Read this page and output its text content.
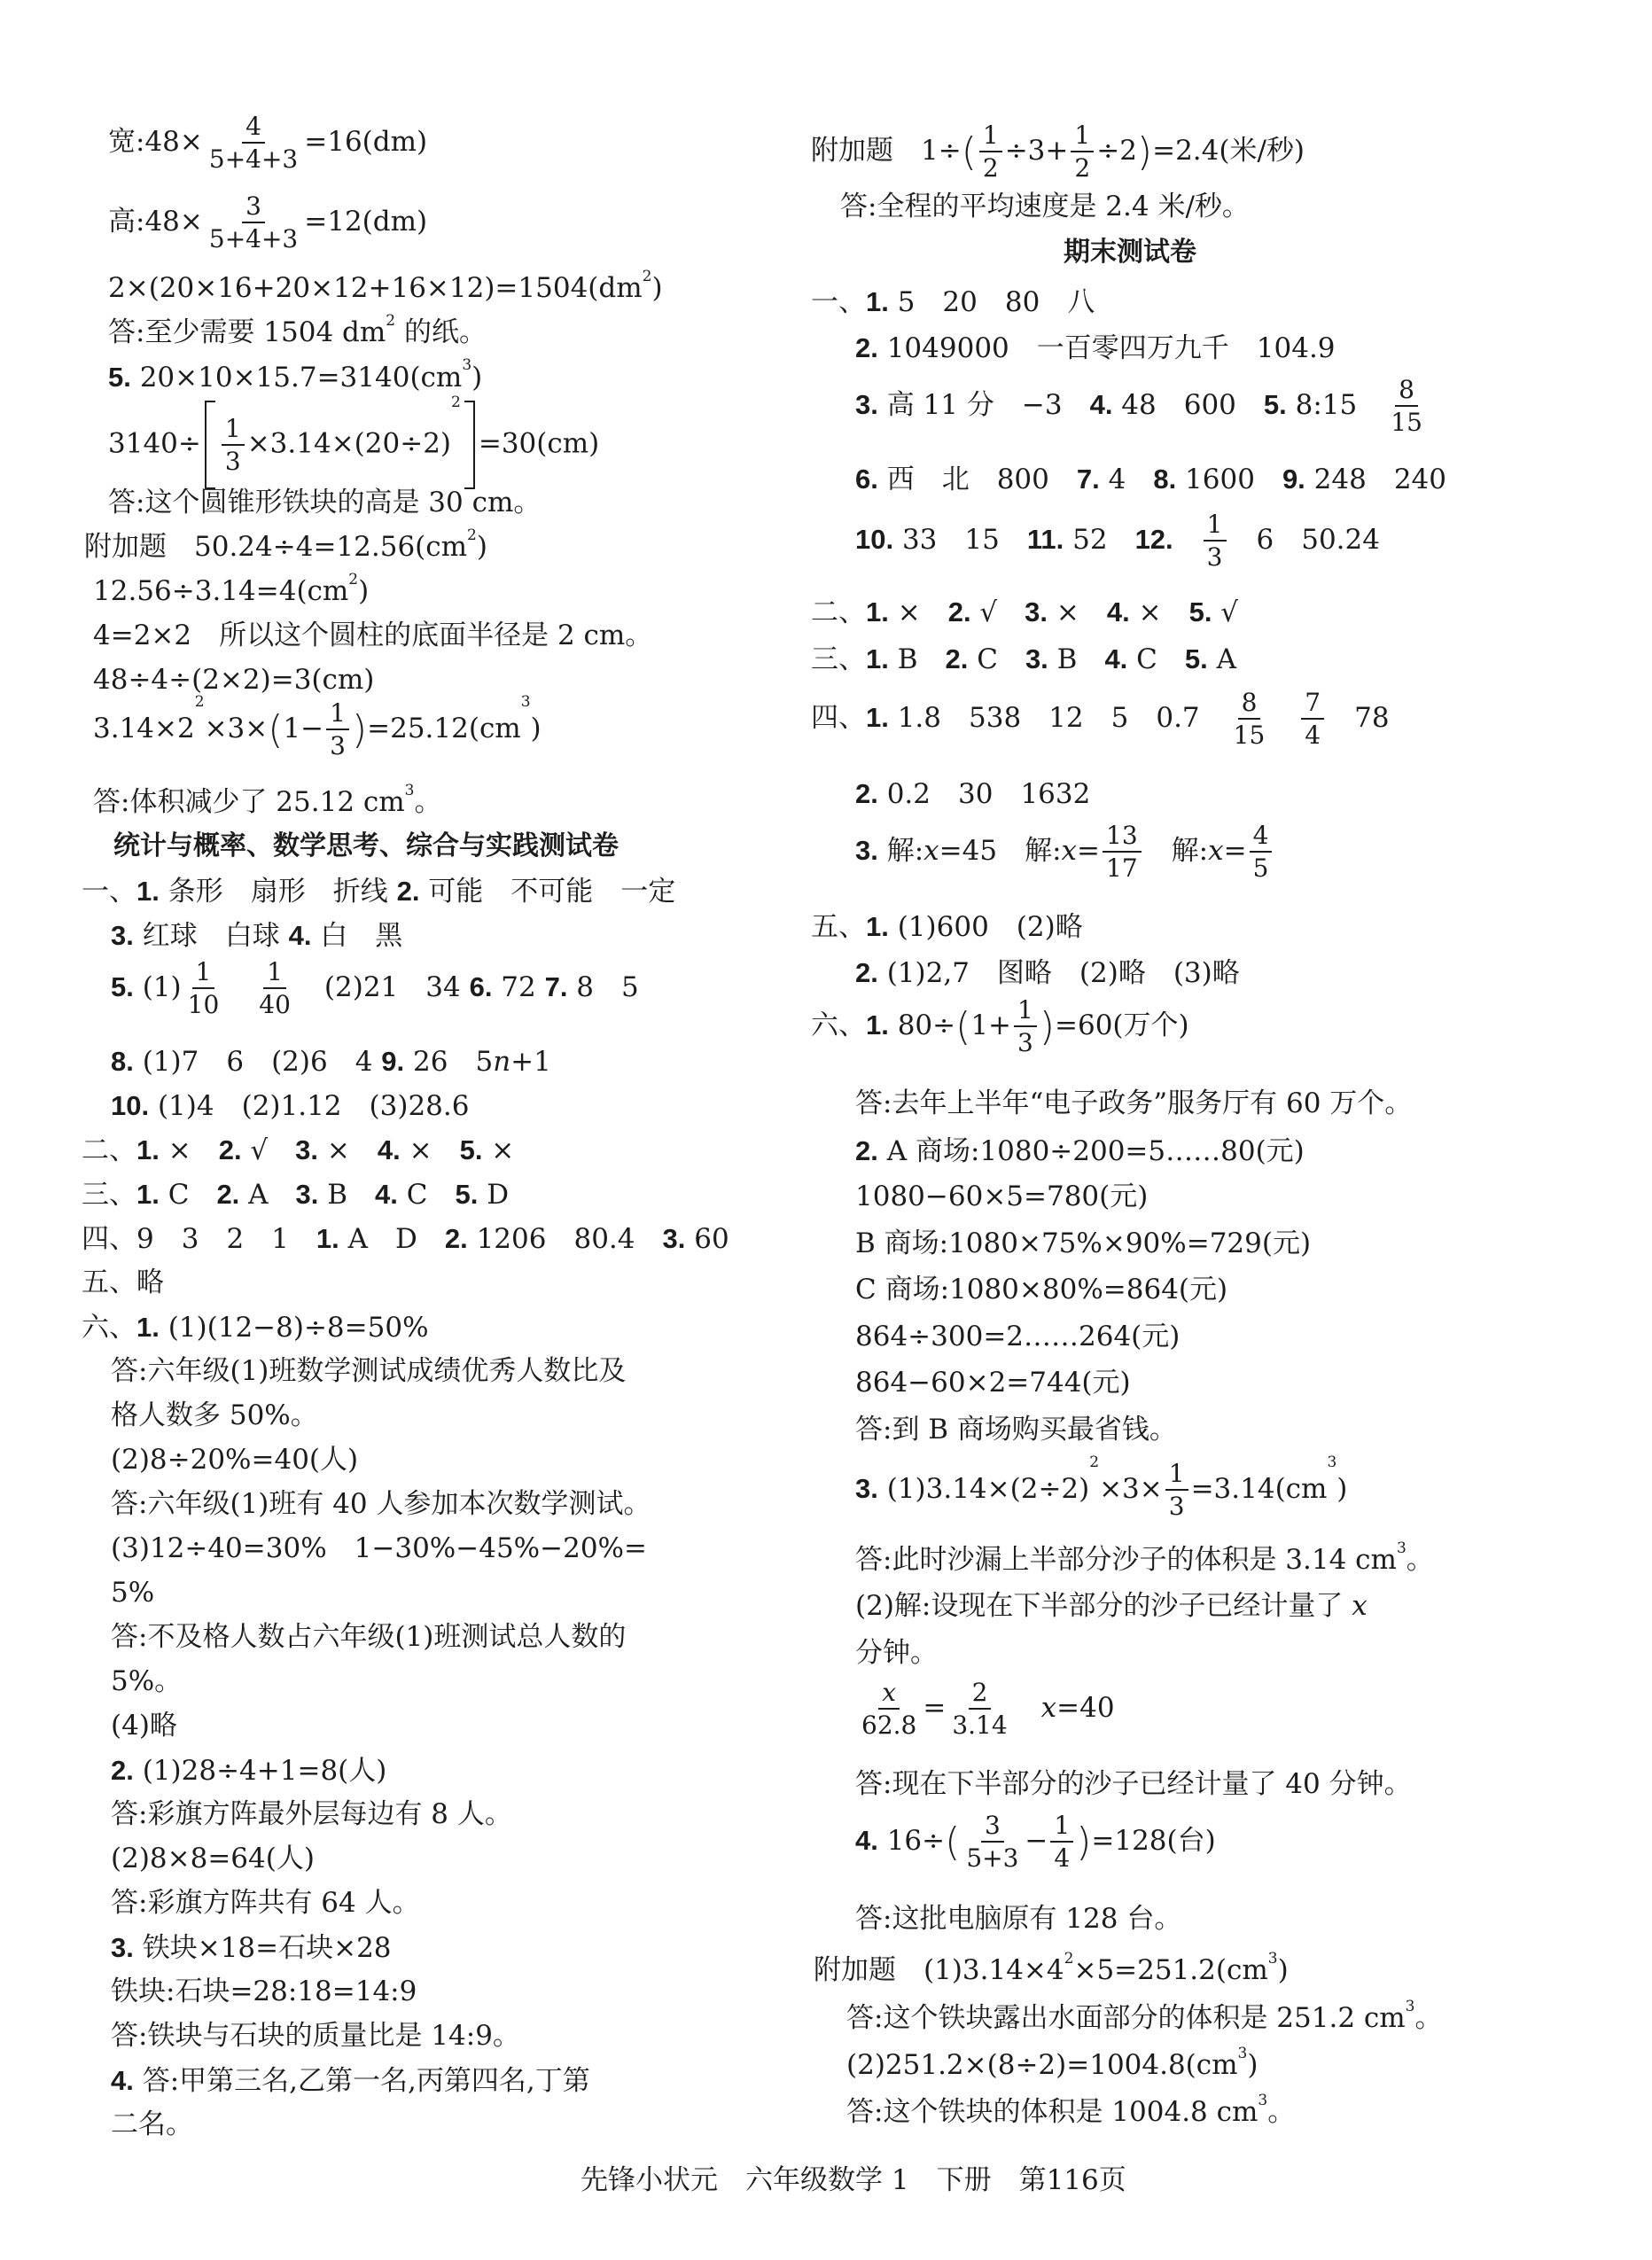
宽:48× $\frac{4}{5+4+3} =16(dm)$
高:48× $\frac{3}{5+4+3} =12(dm)$
$2\times(20\times 16+20\times 12+16\times 12)=1504(dm^2)$
答:至少需要 1504 $dm^2$ 的纸。
5. $20\times 10\times 15.7=3140(cm^3)$
$3140\div \frac{1}{3} \times 3.14\times(20\div 2)^2=30(cm)$
答:这个圆锥形铁块的高是 30 cm。
附加题　$50.24\div 4=12.56(cm^2)$
$12.56\div 3.14=4(cm^2)$
4=2×2　所以这个圆柱的底面半径是 2 cm。
48÷4÷(2×2)=3(cm)
$3.14\times 2^2\times 3\times(1- \frac{1}{3} )=25.12(cm^3)$
答:体积减少了 25.12 $cm^3$。
统计与概率、数学思考、综合与实践测试卷
一、1. 条形　扇形　折线 2. 可能　不可能　一定
3. 红球　白球 4. 白　黑
5. $(1) \frac{1}{10}$
　 $\frac{1}{40}$
　 (2)21　34 6. 72 7. 8　5
8. (1)7　6　(2)6　4 9. 26　5n+1
10. (1)4　(2)1.12　(3)28.6
二、1. ×　2. √　3. ×　4. ×　5. ×
三、1. C　2. A　3. B　4. C　5. D
四、9　3　2　1　1. A　D　2. 1206　80.4　3. 60
五、略
六、1. (1)(12−8)÷8=50%
答:六年级(1)班数学测试成绩优秀人数比及
格人数多 50%。
(2)8÷20%=40(人)
答:六年级(1)班有 40 人参加本次数学测试。
(3)12÷40=30%　1−30%−45%−20%=
5%
答:不及格人数占六年级(1)班测试总人数的
5%。
(4)略
2. (1)28÷4+1=8(人)
答:彩旗方阵最外层每边有 8 人。
(2)8×8=64(人)
答:彩旗方阵共有 64 人。
3. 铁块×18=石块×28
铁块:石块=28:18=14:9
答:铁块与石块的质量比是 14:9。
4. 答:甲第三名,乙第一名,丙第四名,丁第
二名。
附加题　$1\div( \frac{1}{2} \div 3+ \frac{1}{2} \div 2)=2.4$(米/秒)
答:全程的平均速度是 2.4 米/秒。
期末测试卷
一、1. 5　20　80　八
2. 1049000　一百零四万九千　104.9
3. 高 11 分　−3　4. 48　600　5. 8:15　 $\frac{8}{15}$
6. 西　北　800　7. 4　8. 1600　9. 248　240
10. 33　15　11. 52　12.　 $\frac{1}{3}$ 　6　50.24
二、1. ×　2. √　3. ×　4. ×　5. √
三、1. B　2. C　3. B　4. C　5. A
四、1. 1.8　538　12　5　0.7　 $\frac{8}{15}$
　 $\frac{7}{4}$ 　78
2. 0.2　30　1632
3. 解:x=45　解:x= $\frac{13}{17}$ 　解:x= $\frac{4}{5}$
五、1. (1)600　(2)略
2. (1)2,7　图略　(2)略　(3)略
六、1. $80\div(1+ \frac{1}{3} )=60$(万个)
答:去年上半年“电子政务”服务厅有 60 万个。
2. A 商场:1080÷200=5……80(元)
1080−60×5=780(元)
B 商场:1080×75%×90%=729(元)
C 商场:1080×80%=864(元)
864÷300=2……264(元)
864−60×2=744(元)
答:到 B 商场购买最省钱。
3. $(1)3.14\times(2\div 2)^2\times 3\times \frac{1}{3} =3.14(cm^3)$
答:此时沙漏上半部分沙子的体积是 3.14 $cm^3$。
(2)解:设现在下半部分的沙子已经计量了 x
分钟。
$\frac{x}{62.8} = \frac{2}{3.14}$
　 x=40
答:现在下半部分的沙子已经计量了 40 分钟。
4. $16\div( \frac{3}{5+3} - \frac{1}{4} )=128$(台)
答:这批电脑原有 128 台。
附加题　$(1)3.14\times 4^2\times 5=251.2(cm^3)$
答:这个铁块露出水面部分的体积是 251.2 $cm^3$。
$(2)251.2\times(8\div 2)=1004.8(cm^3)$
答:这个铁块的体积是 1004.8 $cm^3$。
先锋小状元　六年级数学 1　下册　第116页
